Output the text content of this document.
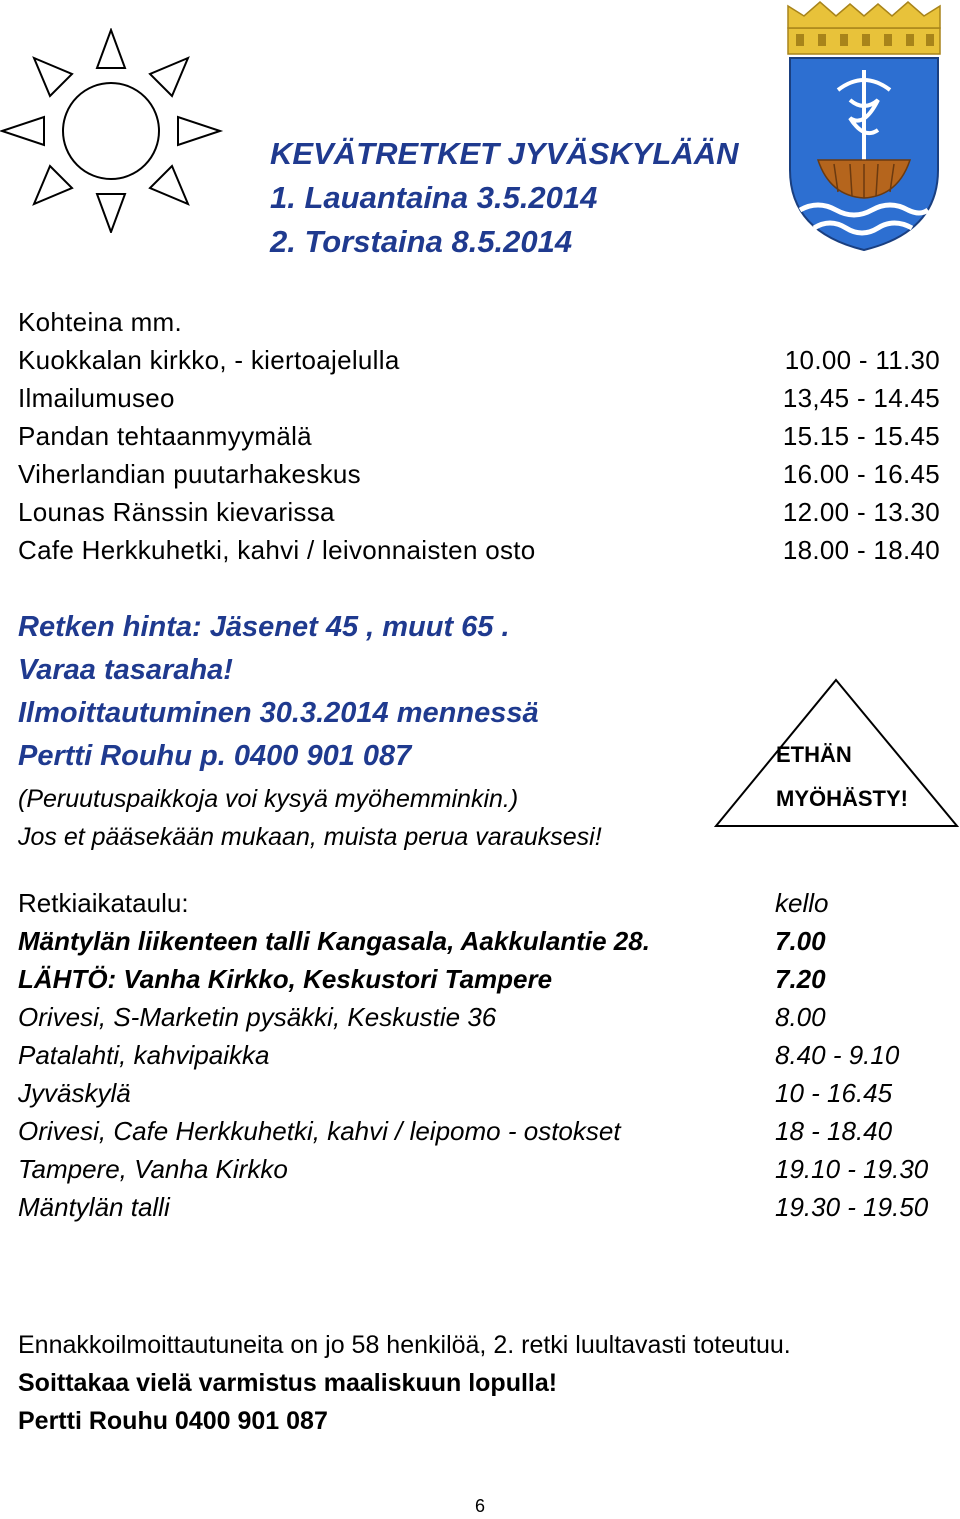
KEVÄTRETKET JYVÄSKYLÄÄN
1. Lauantaina 3.5.2014
2. Torstaina 8.5.2014
Kohteina mm.
Kuokkalan kirkko, - kiertoajelulla	10.00 - 11.30
Ilmailumuseo	13,45 - 14.45
Pandan tehtaanmyymälä	15.15 - 15.45
Viherlandian puutarhakeskus	16.00 - 16.45
Lounas Ränssin kievarissa	12.00 - 13.30
Cafe Herkkuhetki, kahvi / leivonnaisten osto	18.00 - 18.40
Retken hinta: Jäsenet 45 , muut 65 .
Varaa tasaraha!
Ilmoittautuminen 30.3.2014 mennessä
Pertti Rouhu p. 0400 901 087
(Peruutuspaikkoja voi kysyä myöhemminkin.)
Jos et pääsekään mukaan, muista perua varauksesi!
ETHÄN
MYÖHÄSTY!
Retkiaikataulu:	kello
Mäntylän liikenteen talli Kangasala, Aakkulantie 28.	7.00
LÄHTÖ: Vanha Kirkko, Keskustori Tampere	7.20
Orivesi, S-Marketin pysäkki, Keskustie 36	8.00
Patalahti, kahvipaikka	8.40 - 9.10
Jyväskylä	10 - 16.45
Orivesi, Cafe Herkkuhetki, kahvi / leipomo - ostokset	18 - 18.40
Tampere, Vanha Kirkko	19.10 - 19.30
Mäntylän talli	19.30 - 19.50
Ennakkoilmoittautuneita on jo 58 henkilöä, 2. retki luultavasti toteutuu.
Soittakaa vielä varmistus maaliskuun lopulla!
Pertti Rouhu 0400 901 087
6
